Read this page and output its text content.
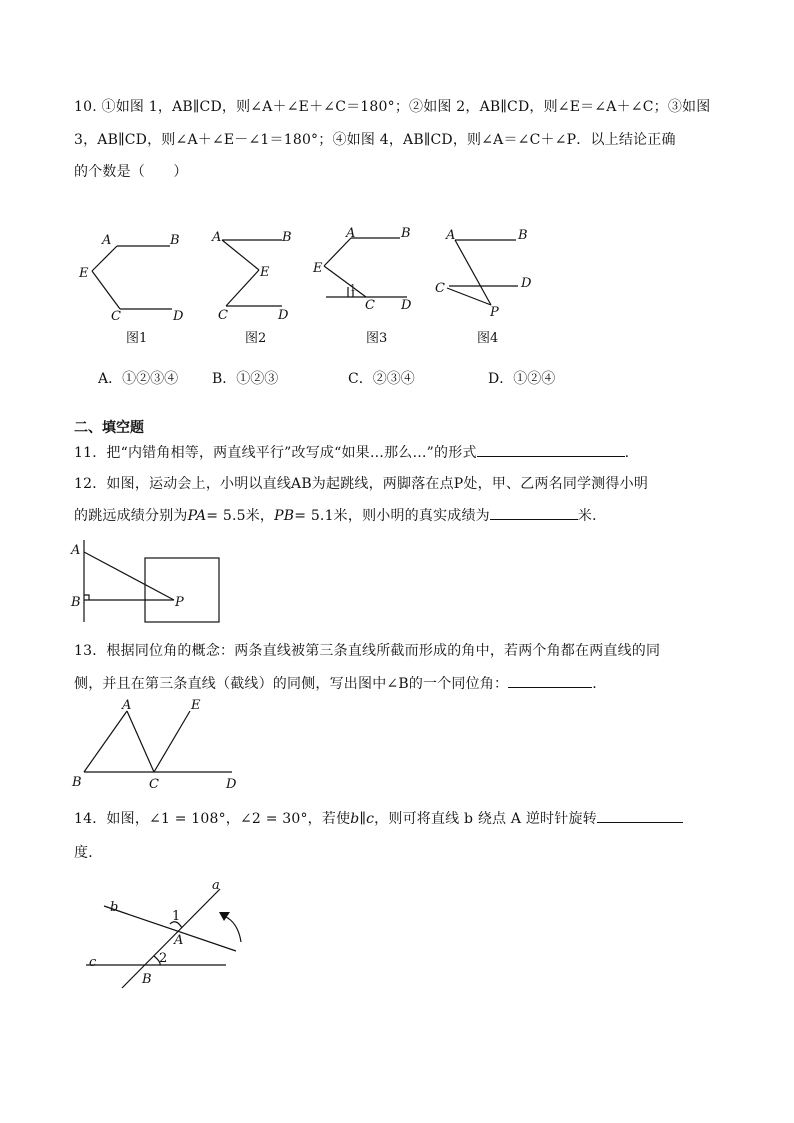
10. ①如图 1，AB∥CD，则∠A＋∠E＋∠C＝180°；②如图 2，AB∥CD，则∠E＝∠A＋∠C；③如图
3，AB∥CD，则∠A＋∠E－∠1＝180°；④如图 4，AB∥CD，则∠A＝∠C＋∠P．以上结论正确
的个数是（　　）
A	B
E
C	D
图1
A	B
E
C	D
图2
A	B
E
1
C D
图3
A	B
C	D
P
图4
A．①②③④ B．①②③	C．②③④	D．①②④
二、填空题
11．把“内错角相等，两直线平行”改写成“如果…那么…”的形式	.
12．如图，运动会上，小明以直线AB为起跳线，两脚落在点P处，甲、乙两名同学测得小明
的跳远成绩分别为PA= 5.5米，PB= 5.1米，则小明的真实成绩为	米．
A
B	P
13．根据同位角的概念：两条直线被第三条直线所截而形成的角中，若两个角都在两直线的同
侧，并且在第三条直线（截线）的同侧，写出图中∠B的一个同位角：	.
A	E
B	C	D
14．如图，∠1 = 108°，∠2 = 30°，若使b∥c，则可将直线 b 绕点 A 逆时针旋转
度．
a
b
c
1
A
2
B
